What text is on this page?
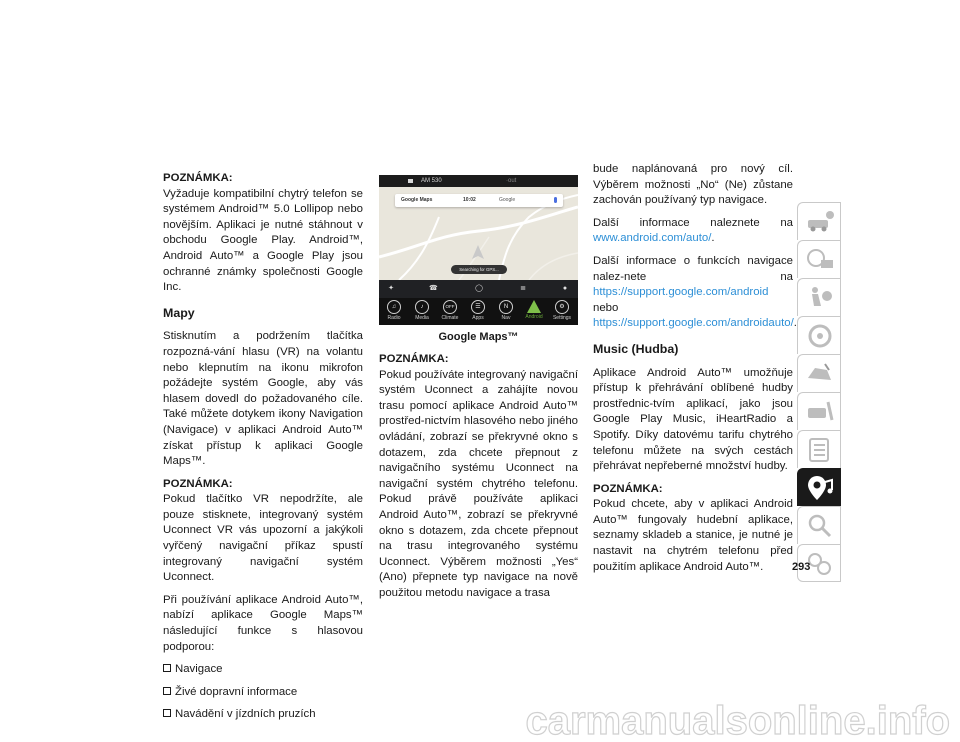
POZNÁMKA:
Vyžaduje kompatibilní chytrý telefon se systémem Android™ 5.0 Lollipop nebo novějším. Aplikaci je nutné stáhnout v obchodu Google Play. Android™, Android Auto™ a Google Play jsou ochranné známky společnosti Google Inc.
Mapy
Stisknutím a podržením tlačítka rozpozná-vání hlasu (VR) na volantu nebo klepnutím na ikonu mikrofon požádejte systém Google, aby vás hlasem dovedl do požadovaného cíle. Také můžete dotykem ikony Navigation (Navigace) v aplikaci Android Auto™ získat přístup k aplikaci Google Maps™.
POZNÁMKA:
Pokud tlačítko VR nepodržíte, ale pouze stisknete, integrovaný systém Uconnect VR vás upozorní a jakýkoli vyřčený navigační příkaz spustí integrovaný navigační systém Uconnect.
Při používání aplikace Android Auto™, nabízí aplikace Google Maps™ následující funkce s hlasovou podporou:
Navigace
Živé dopravní informace
Navádění v jízdních pruzích
AM 530	·out
Google Maps	10:02	Google
Searching for GPS...
✦	☎	◯	≣	●
♫
Radio
♪
Media
OFF
Climate
☰
Apps
N
Nav	Android
⚙
Settings
Google Maps™
POZNÁMKA:
Pokud používáte integrovaný navigační systém Uconnect a zahájíte novou trasu pomocí aplikace Android Auto™ prostřed-nictvím hlasového nebo jiného ovládání, zobrazí se překryvné okno s dotazem, zda chcete přepnout z navigačního systému Uconnect na navigační systém chytrého telefonu. Pokud právě používáte aplikaci Android Auto™, zobrazí se překryvné okno s dotazem, zda chcete přepnout na trasu integrovaného systému Uconnect. Výběrem možnosti „Yes“ (Ano) přepnete typ navigace na nově použitou metodu navigace a trasa
bude naplánovaná pro nový cíl. Výběrem možnosti „No“ (Ne) zůstane zachován používaný typ navigace.
Další informace naleznete na www.android.com/auto/.
Další informace o funkcích navigace nalez-nete na https://support.google.com/android nebo https://support.google.com/androidauto/.
Music (Hudba)
Aplikace Android Auto™ umožňuje přístup k přehrávání oblíbené hudby prostřednic-tvím aplikací, jako jsou Google Play Music, iHeartRadio a Spotify. Díky datovému tarifu chytrého telefonu můžete na svých cestách přehrávat nepřeberné množství hudby.
POZNÁMKA:
Pokud chcete, aby v aplikaci Android Auto™ fungovaly hudební aplikace, seznamy skladeb a stanice, je nutné je nastavit na chytrém telefonu před použitím aplikace Android Auto™.	293
carmanualsonline.info
